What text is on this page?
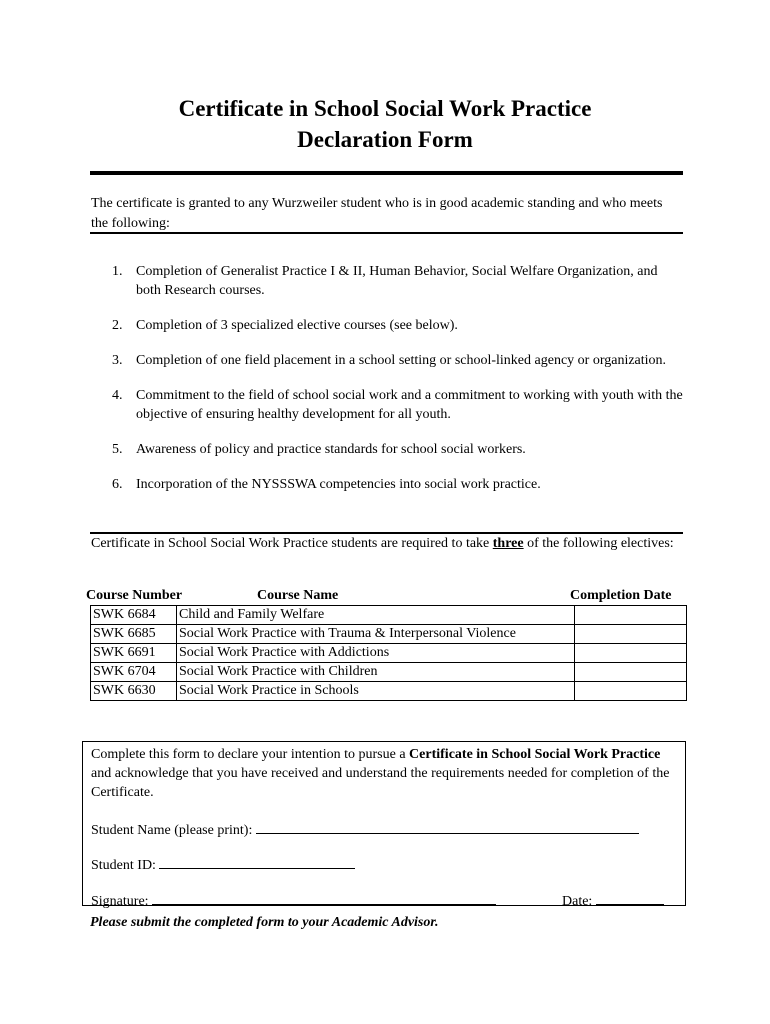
Certificate in School Social Work Practice
Declaration Form
The certificate is granted to any Wurzweiler student who is in good academic standing and who meets the following:
1. Completion of Generalist Practice I & II, Human Behavior, Social Welfare Organization, and both Research courses.
2. Completion of 3 specialized elective courses (see below).
3. Completion of one field placement in a school setting or school-linked agency or organization.
4. Commitment to the field of school social work and a commitment to working with youth with the objective of ensuring healthy development for all youth.
5. Awareness of policy and practice standards for school social workers.
6. Incorporation of the NYSSSWA competencies into social work practice.
Certificate in School Social Work Practice students are required to take three of the following electives:
Course Number	Course Name	Completion Date
SWK 6684	Child and Family Welfare	
SWK 6685	Social Work Practice with Trauma & Interpersonal Violence	
SWK 6691	Social Work Practice with Addictions	
SWK 6704	Social Work Practice with Children	
SWK 6630	Social Work Practice in Schools	
Complete this form to declare your intention to pursue a Certificate in School Social Work Practice and acknowledge that you have received and understand the requirements needed for completion of the Certificate.
Student Name (please print):
Student ID:
Signature:	Date:
Please submit the completed form to your Academic Advisor.
